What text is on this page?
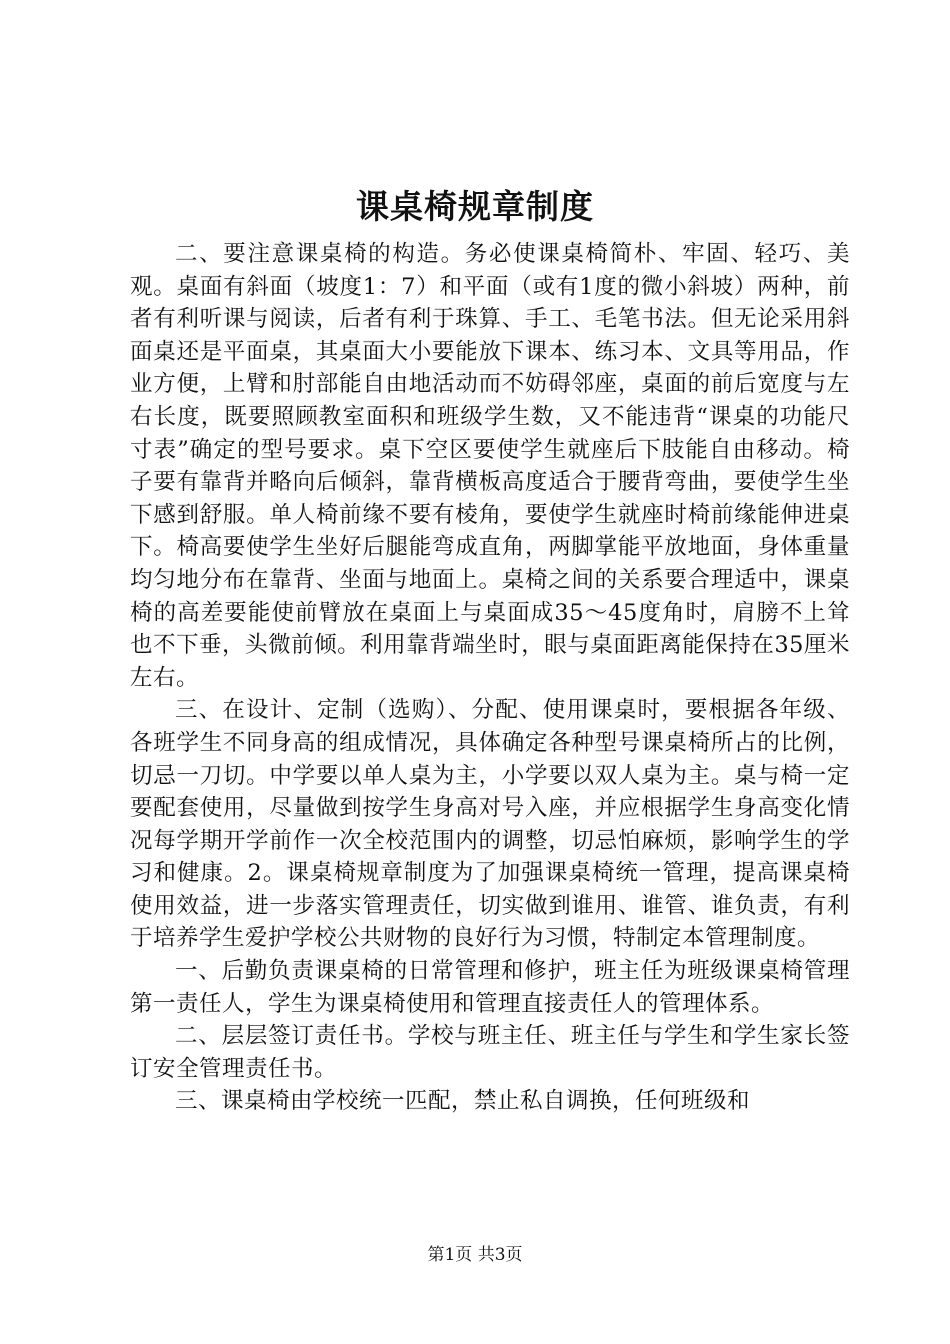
课桌椅规章制度

二、要注意课桌椅的构造。务必使课桌椅简朴、牢固、轻巧、美观。桌面有斜面（坡度1：7）和平面（或有1度的微小斜坡）两种，前者有利听课与阅读，后者有利于珠算、手工、毛笔书法。但无论采用斜面桌还是平面桌，其桌面大小要能放下课本、练习本、文具等用品，作业方便，上臂和肘部能自由地活动而不妨碍邻座，桌面的前后宽度与左右长度，既要照顾教室面积和班级学生数，又不能违背“课桌的功能尺寸表”确定的型号要求。桌下空区要使学生就座后下肢能自由移动。椅子要有靠背并略向后倾斜，靠背横板高度适合于腰背弯曲，要使学生坐下感到舒服。单人椅前缘不要有棱角，要使学生就座时椅前缘能伸进桌下。椅高要使学生坐好后腿能弯成直角，两脚掌能平放地面，身体重量均匀地分布在靠背、坐面与地面上。桌椅之间的关系要合理适中，课桌椅的高差要能使前臂放在桌面上与桌面成35～45度角时，肩膀不上耸也不下垂，头微前倾。利用靠背端坐时，眼与桌面距离能保持在35厘米左右。

三、在设计、定制（选购）、分配、使用课桌时，要根据各年级、各班学生不同身高的组成情况，具体确定各种型号课桌椅所占的比例，切忌一刀切。中学要以单人桌为主，小学要以双人桌为主。桌与椅一定要配套使用，尽量做到按学生身高对号入座，并应根据学生身高变化情况每学期开学前作一次全校范围内的调整，切忌怕麻烦，影响学生的学习和健康。2。课桌椅规章制度为了加强课桌椅统一管理，提高课桌椅使用效益，进一步落实管理责任，切实做到谁用、谁管、谁负责，有利于培养学生爱护学校公共财物的良好行为习惯，特制定本管理制度。

一、后勤负责课桌椅的日常管理和修护，班主任为班级课桌椅管理第一责任人，学生为课桌椅使用和管理直接责任人的管理体系。

二、层层签订责任书。学校与班主任、班主任与学生和学生家长签订安全管理责任书。

三、课桌椅由学校统一匹配，禁止私自调换，任何班级和

第1页 共3页
